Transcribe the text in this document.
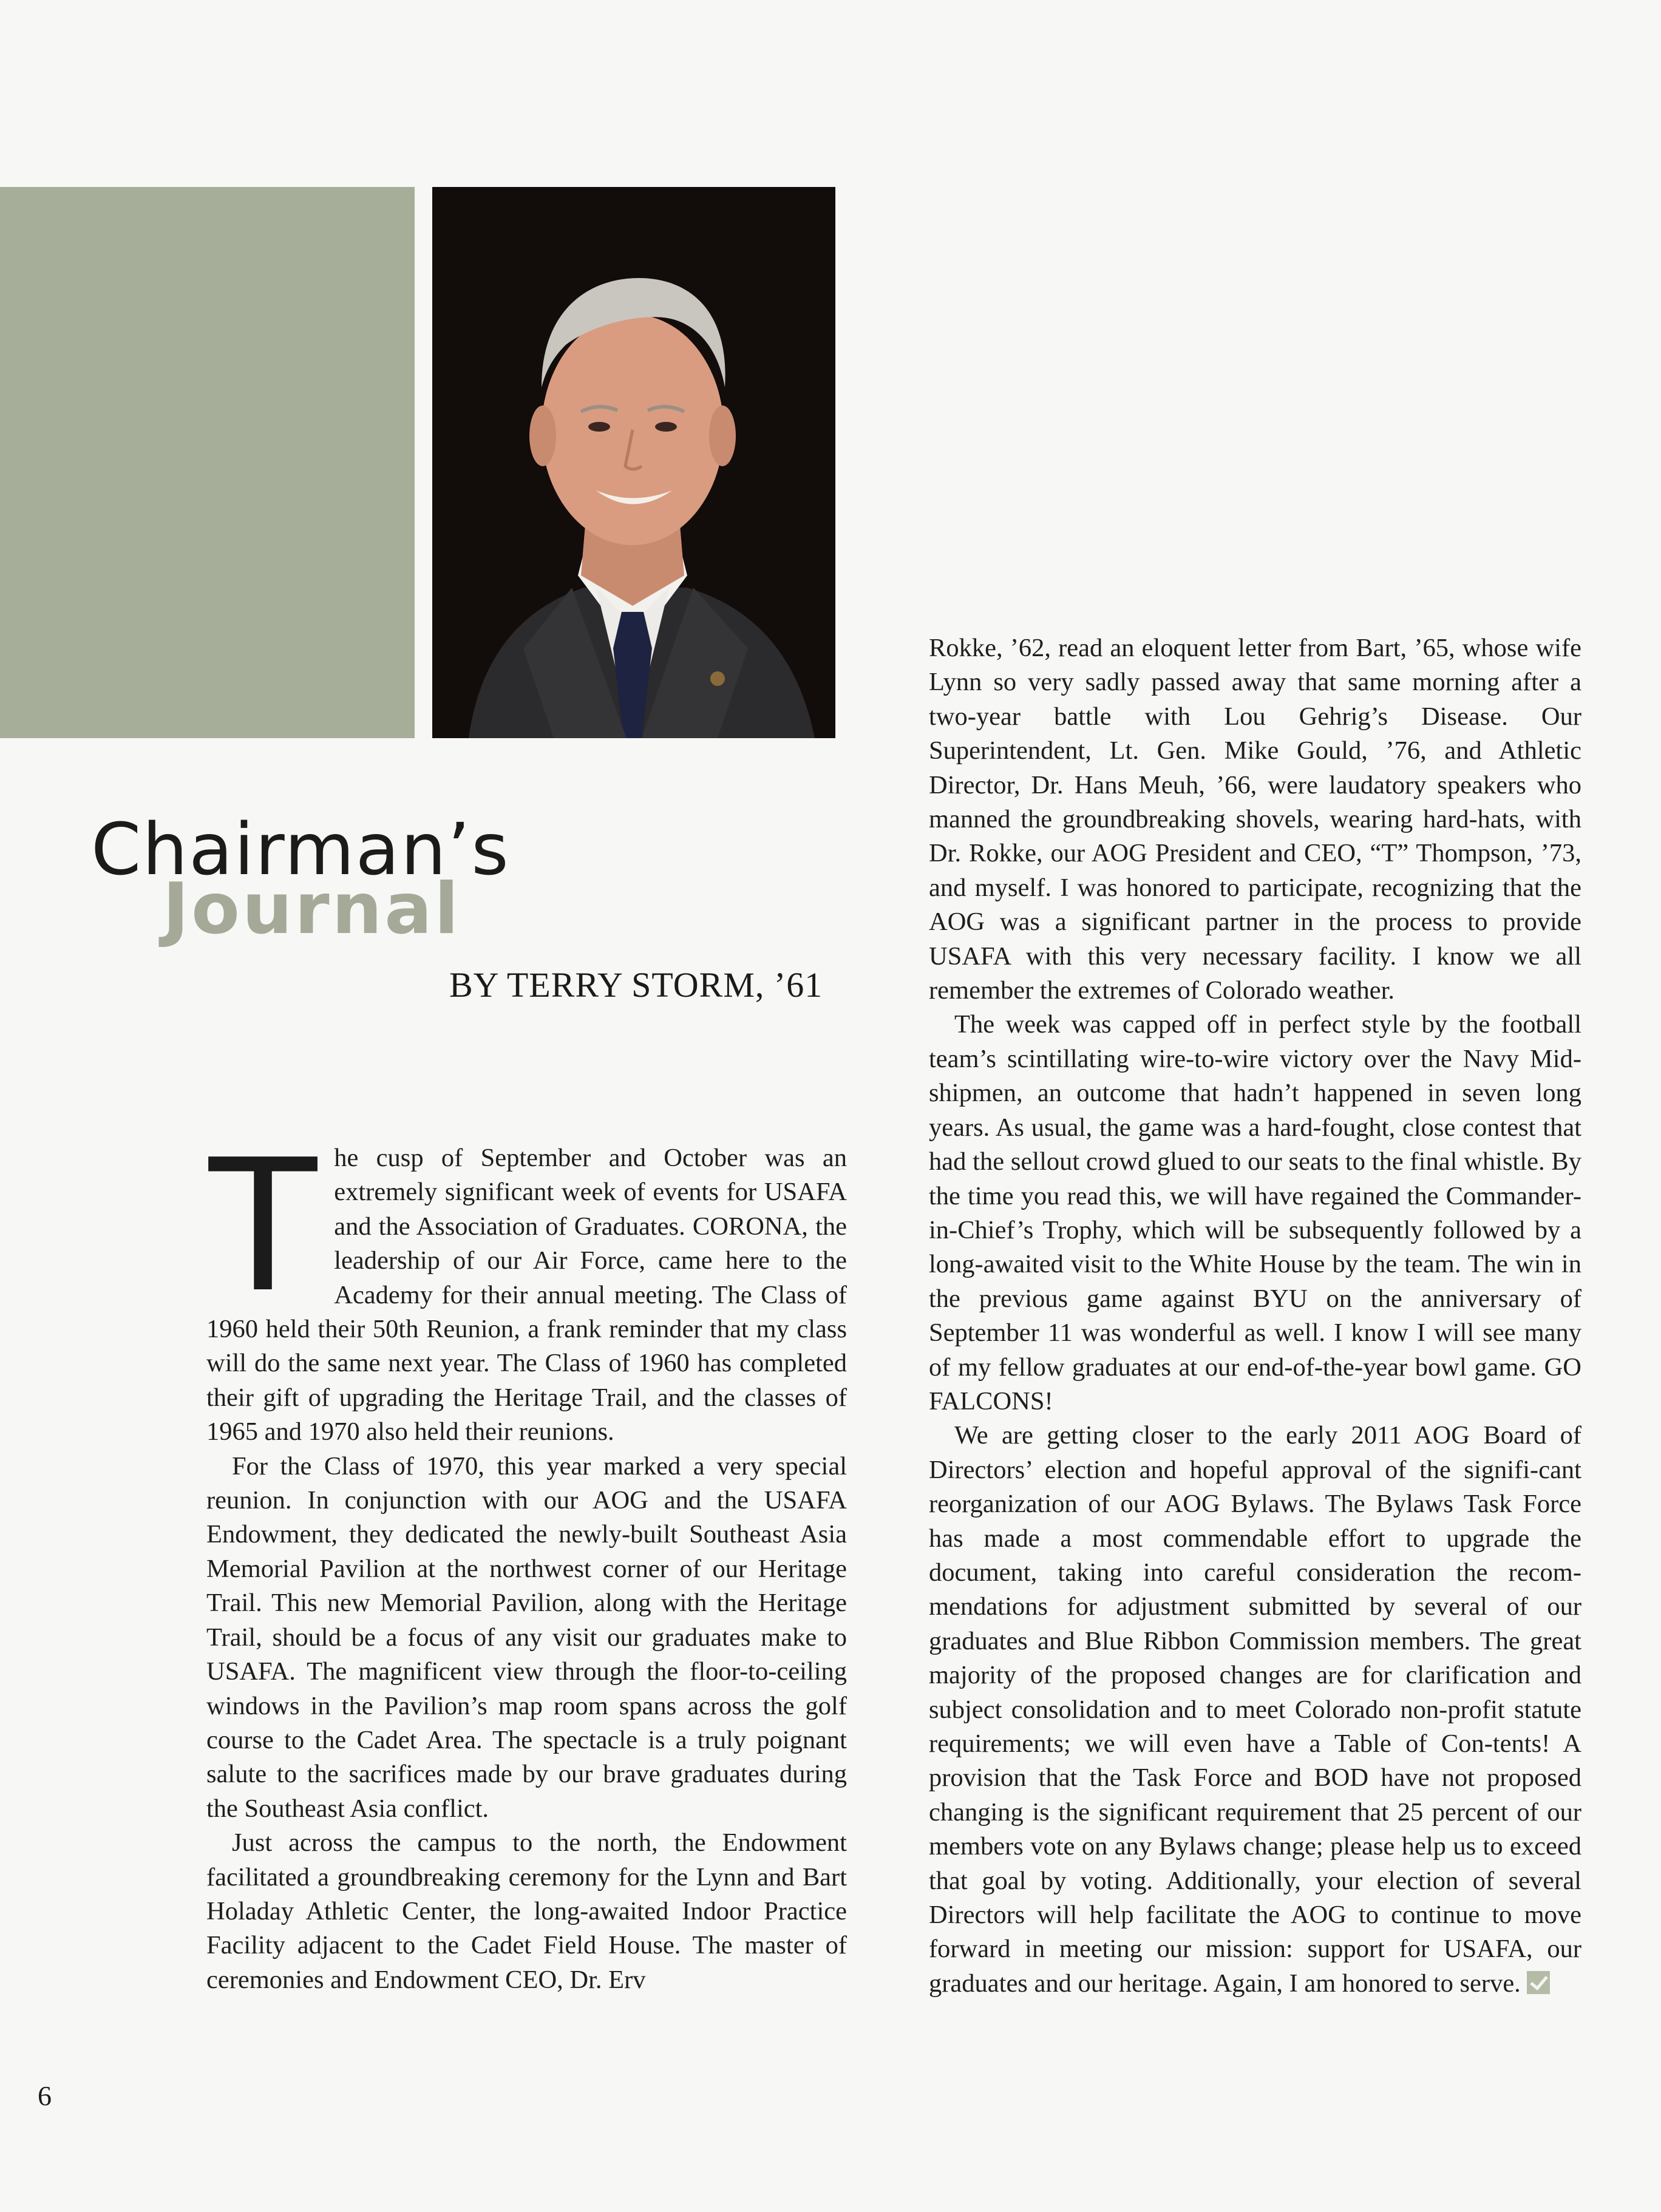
Chairman’s
Journal
BY TERRY STORM, ’61
T he cusp of September and October was an extremely significant week of events for USAFA and the Association of Graduates. CORONA, the leadership of our Air Force, came here to the Academy for their annual meeting. The Class of 1960 held their 50th Reunion, a frank reminder that my class will do the same next year. The Class of 1960 has completed their gift of upgrading the Heritage Trail, and the classes of 1965 and 1970 also held their reunions.

For the Class of 1970, this year marked a very special reunion. In conjunction with our AOG and the USAFA Endowment, they dedicated the newly-built Southeast Asia Memorial Pavilion at the northwest corner of our Heritage Trail. This new Memorial Pavilion, along with the Heritage Trail, should be a focus of any visit our graduates make to USAFA. The magnificent view through the floor-to-ceiling windows in the Pavilion’s map room spans across the golf course to the Cadet Area. The spectacle is a truly poignant salute to the sacrifices made by our brave graduates during the Southeast Asia conflict.

Just across the campus to the north, the Endowment facilitated a groundbreaking ceremony for the Lynn and Bart Holaday Athletic Center, the long-awaited Indoor Practice Facility adjacent to the Cadet Field House. The master of ceremonies and Endowment CEO, Dr. Erv

Rokke, ’62, read an eloquent letter from Bart, ’65, whose wife Lynn so very sadly passed away that same morning after a two-year battle with Lou Gehrig’s Disease. Our Superintendent, Lt. Gen. Mike Gould, ’76, and Athletic Director, Dr. Hans Meuh, ’66, were laudatory speakers who manned the groundbreaking shovels, wearing hard-hats, with Dr. Rokke, our AOG President and CEO, “T” Thompson, ’73, and myself. I was honored to participate, recognizing that the AOG was a significant partner in the process to provide USAFA with this very necessary facility. I know we all remember the extremes of Colorado weather.

The week was capped off in perfect style by the football team’s scintillating wire-to-wire victory over the Navy Mid-shipmen, an outcome that hadn’t happened in seven long years. As usual, the game was a hard-fought, close contest that had the sellout crowd glued to our seats to the final whistle. By the time you read this, we will have regained the Commander-in-Chief’s Trophy, which will be subsequently followed by a long-awaited visit to the White House by the team. The win in the previous game against BYU on the anniversary of September 11 was wonderful as well. I know I will see many of my fellow graduates at our end-of-the-year bowl game. GO FALCONS!

We are getting closer to the early 2011 AOG Board of Directors’ election and hopeful approval of the signifi-cant reorganization of our AOG Bylaws. The Bylaws Task Force has made a most commendable effort to upgrade the document, taking into careful consideration the recom-mendations for adjustment submitted by several of our graduates and Blue Ribbon Commission members. The great majority of the proposed changes are for clarification and subject consolidation and to meet Colorado non-profit statute requirements; we will even have a Table of Con-tents! A provision that the Task Force and BOD have not proposed changing is the significant requirement that 25 percent of our members vote on any Bylaws change; please help us to exceed that goal by voting. Additionally, your election of several Directors will help facilitate the AOG to continue to move forward in meeting our mission: support for USAFA, our graduates and our heritage. Again, I am honored to serve.

6
